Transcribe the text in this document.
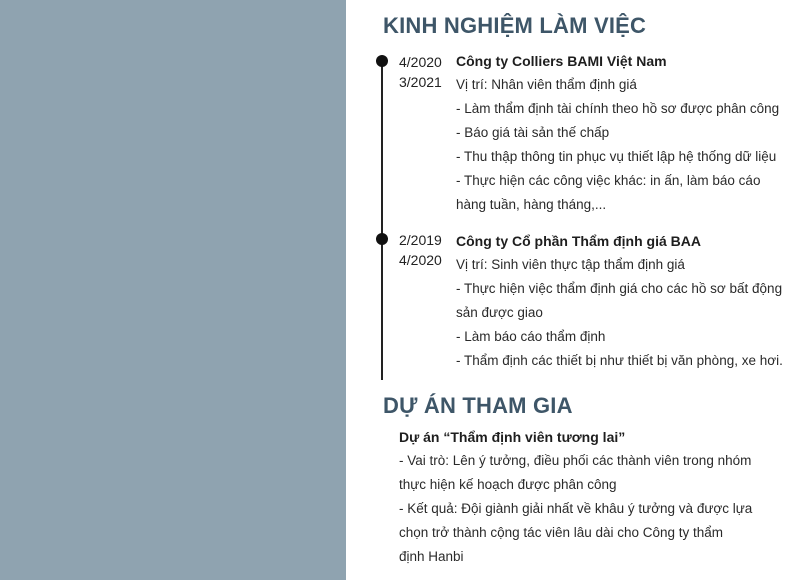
KINH NGHIỆM LÀM VIỆC
4/2020
3/2021
Công ty Colliers BAMI Việt Nam
Vị trí: Nhân viên thẩm định giá
- Làm thẩm định tài chính theo hồ sơ được phân công
- Báo giá tài sản thế chấp
- Thu thập thông tin phục vụ thiết lập hệ thống dữ liệu
- Thực hiện các công việc khác: in ấn, làm báo cáo
hàng tuần, hàng tháng,...
2/2019
4/2020
Công ty Cổ phần Thẩm định giá BAA
Vị trí: Sinh viên thực tập thẩm định giá
- Thực hiện việc thẩm định giá cho các hồ sơ bất động
sản được giao
- Làm báo cáo thẩm định
- Thẩm định các thiết bị như thiết bị văn phòng, xe hơi.
DỰ ÁN THAM GIA
Dự án “Thẩm định viên tương lai”
- Vai trò: Lên ý tưởng, điều phối các thành viên trong nhóm
thực hiện kế hoạch được phân công
- Kết quả: Đội giành giải nhất về khâu ý tưởng và được lựa
chọn trở thành cộng tác viên lâu dài cho Công ty thẩm
định Hanbi
